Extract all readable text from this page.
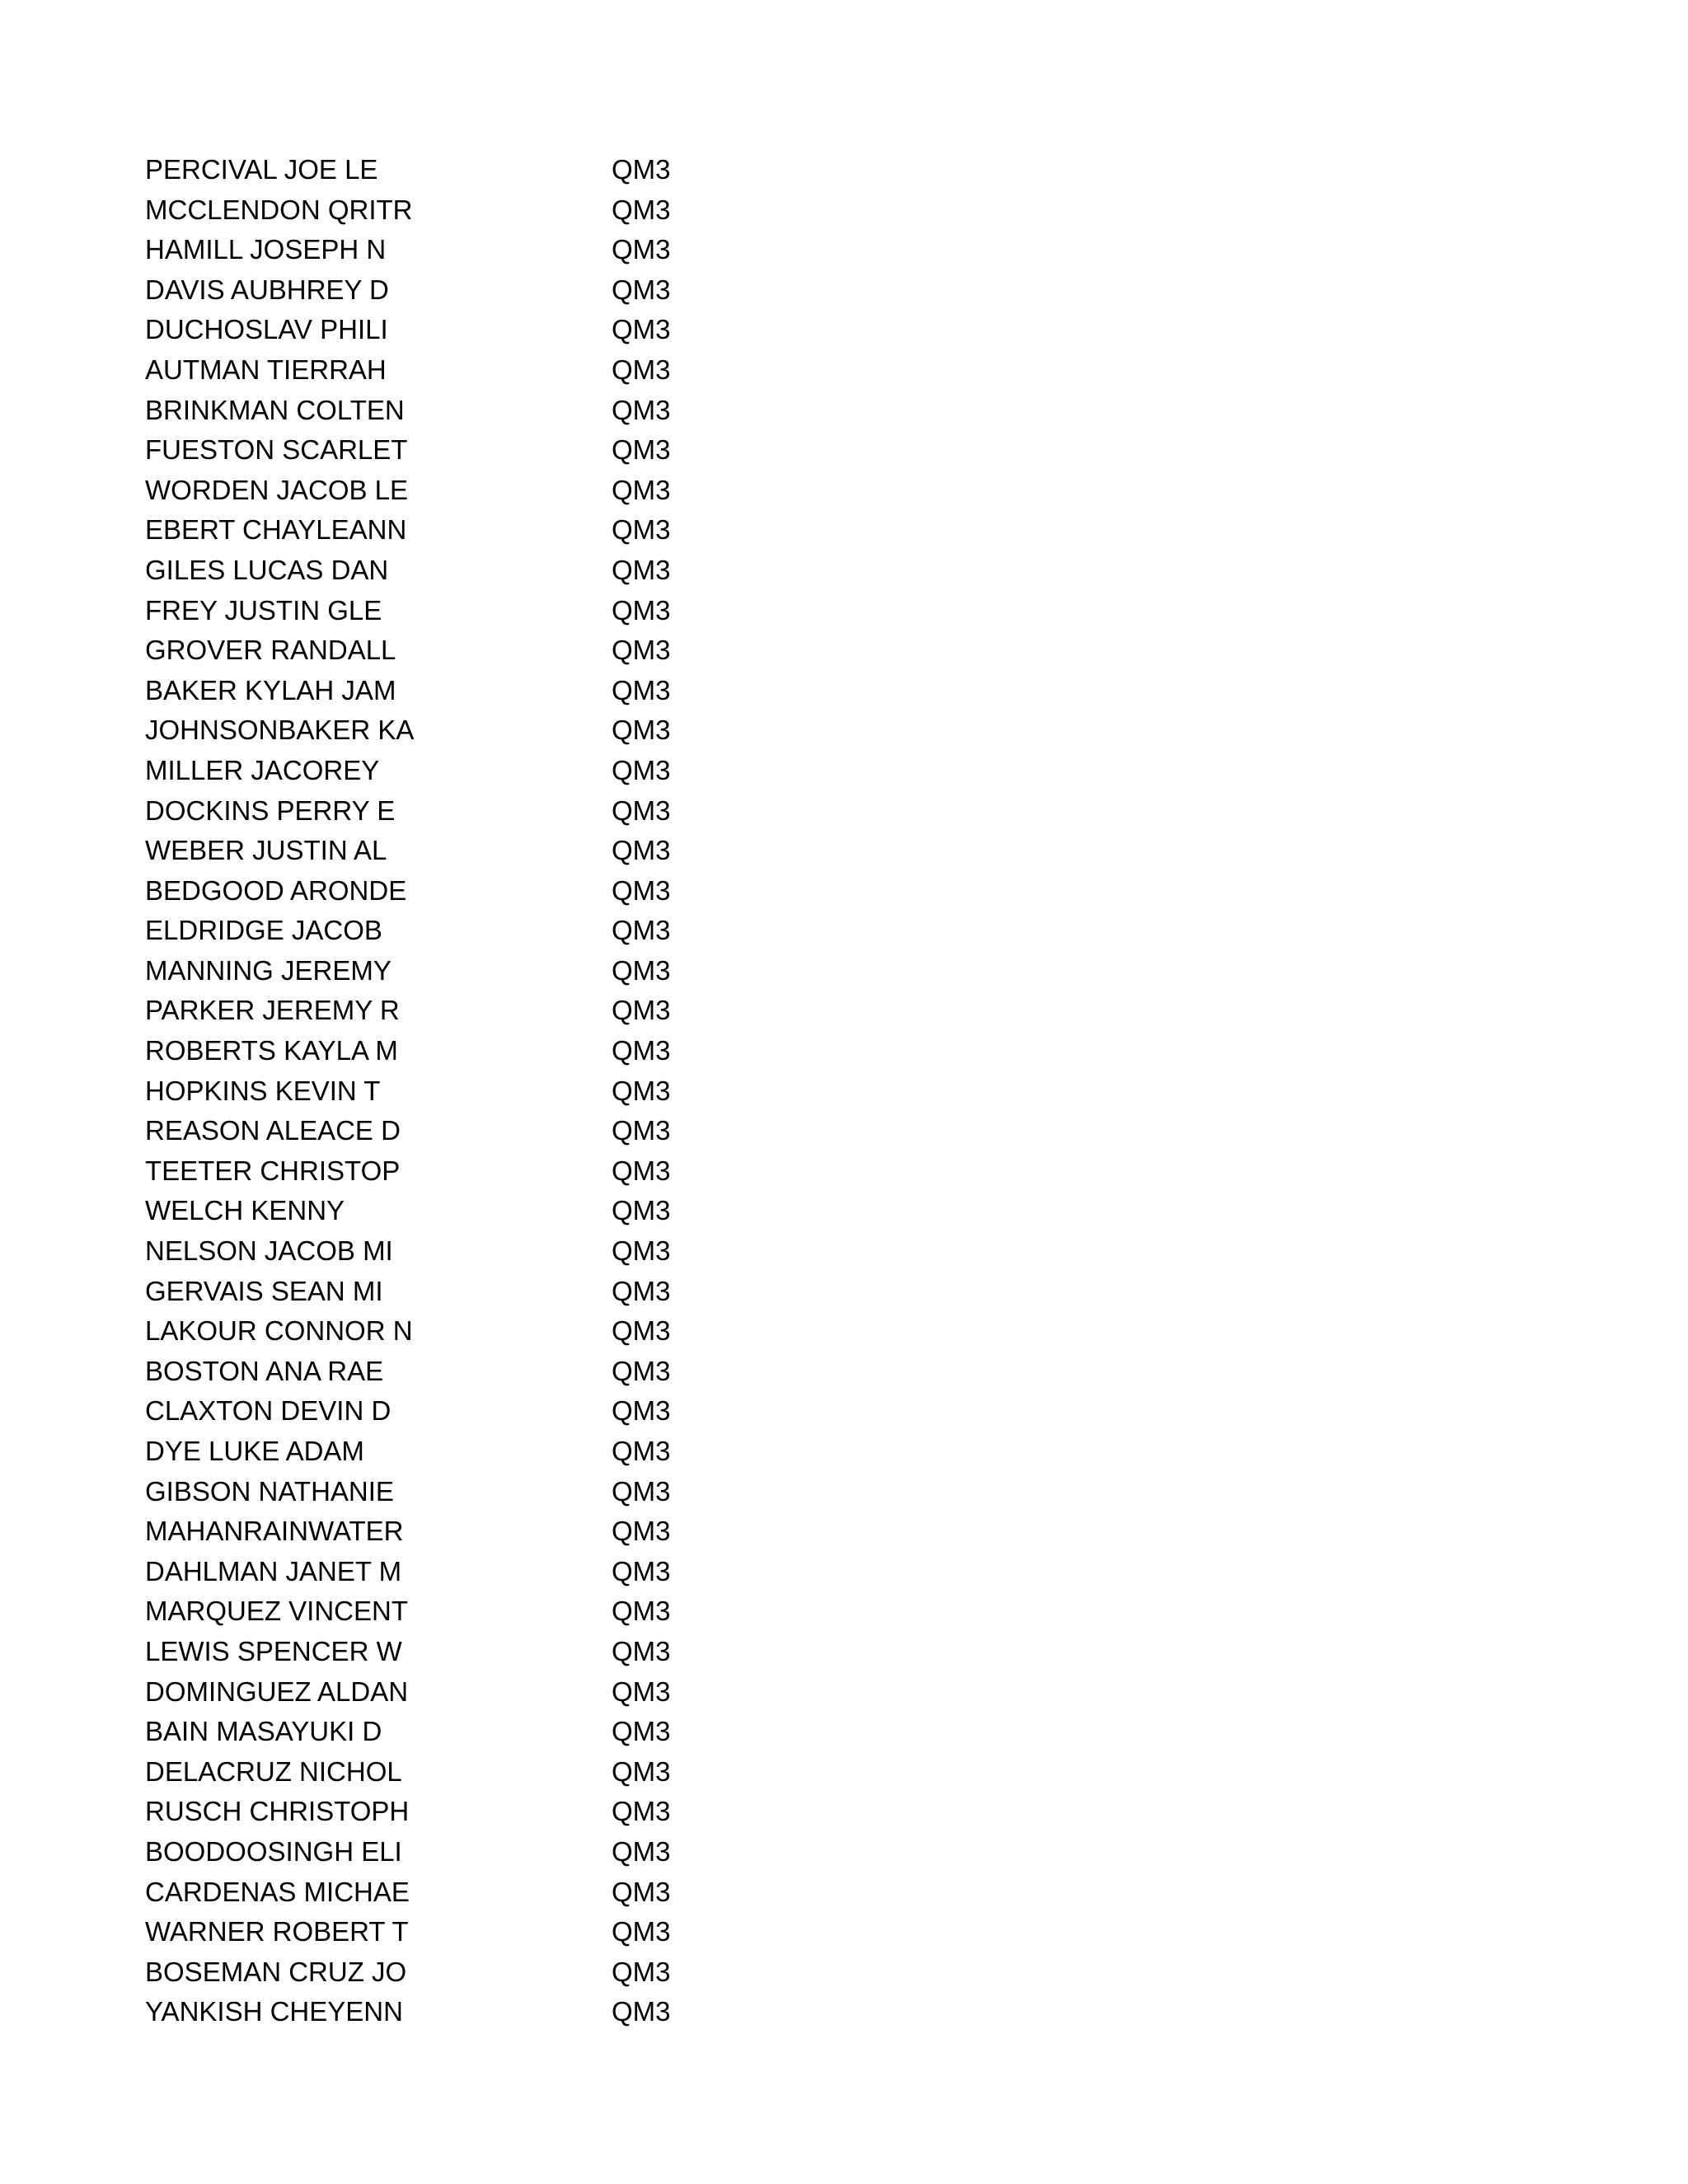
PERCIVAL JOE LE	QM3
MCCLENDON QRITR	QM3
HAMILL JOSEPH N	QM3
DAVIS AUBHREY D	QM3
DUCHOSLAV PHILI	QM3
AUTMAN TIERRAH	QM3
BRINKMAN COLTEN	QM3
FUESTON SCARLET	QM3
WORDEN JACOB LE	QM3
EBERT CHAYLEANN	QM3
GILES LUCAS DAN	QM3
FREY JUSTIN GLE	QM3
GROVER RANDALL	QM3
BAKER KYLAH JAM	QM3
JOHNSONBAKER KA	QM3
MILLER JACOREY	QM3
DOCKINS PERRY E	QM3
WEBER JUSTIN AL	QM3
BEDGOOD ARONDE	QM3
ELDRIDGE JACOB	QM3
MANNING JEREMY	QM3
PARKER JEREMY R	QM3
ROBERTS KAYLA M	QM3
HOPKINS KEVIN T	QM3
REASON ALEACE D	QM3
TEETER CHRISTOP	QM3
WELCH KENNY	QM3
NELSON JACOB MI	QM3
GERVAIS SEAN MI	QM3
LAKOUR CONNOR N	QM3
BOSTON ANA RAE	QM3
CLAXTON DEVIN D	QM3
DYE LUKE ADAM	QM3
GIBSON NATHANIE	QM3
MAHANRAINWATER	QM3
DAHLMAN JANET M	QM3
MARQUEZ VINCENT	QM3
LEWIS SPENCER W	QM3
DOMINGUEZ ALDAN	QM3
BAIN MASAYUKI D	QM3
DELACRUZ NICHOL	QM3
RUSCH CHRISTOPH	QM3
BOODOOSINGH ELI	QM3
CARDENAS MICHAE	QM3
WARNER ROBERT T	QM3
BOSEMAN CRUZ JO	QM3
YANKISH CHEYENN	QM3
